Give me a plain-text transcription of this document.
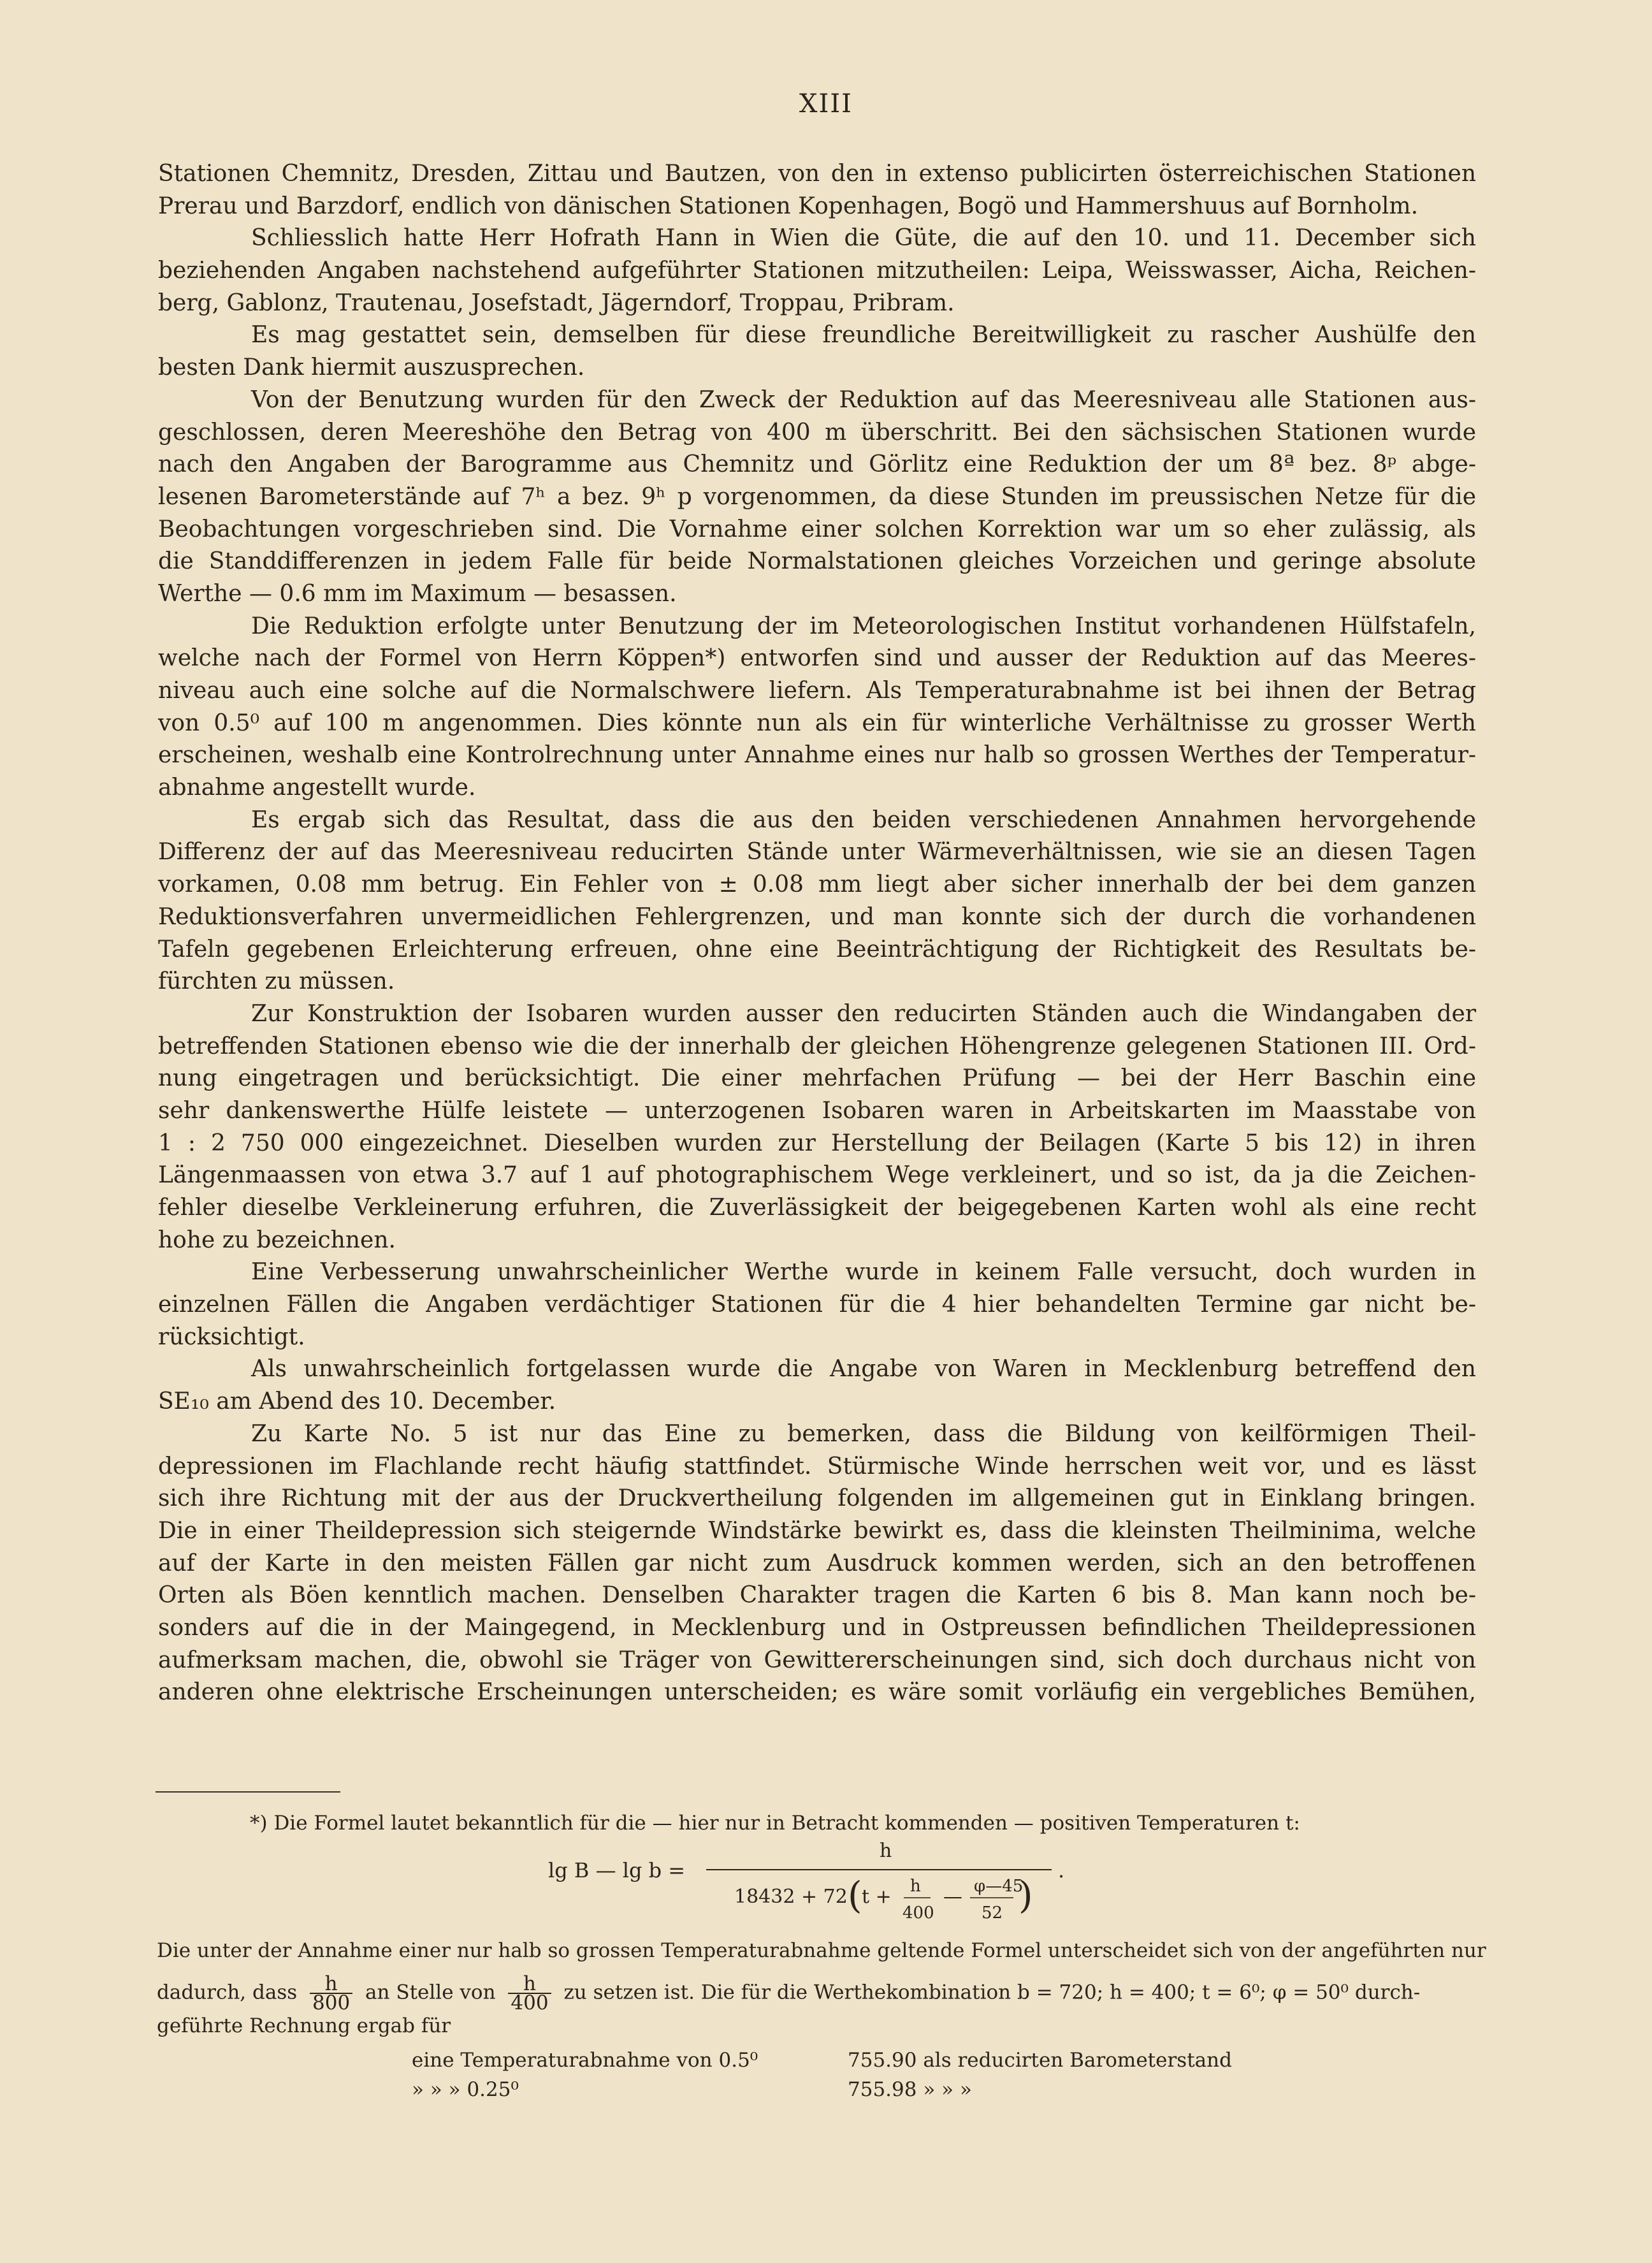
XIII
Stationen Chemnitz, Dresden, Zittau und Bautzen, von den in extenso publicirten österreichischen Stationen
Prerau und Barzdorf, endlich von dänischen Stationen Kopenhagen, Bogö und Hammershuus auf Bornholm.
Schliesslich hatte Herr Hofrath Hann in Wien die Güte, die auf den 10. und 11. December sich
beziehenden Angaben nachstehend aufgeführter Stationen mitzutheilen: Leipa, Weisswasser, Aicha, Reichen-
berg, Gablonz, Trautenau, Josefstadt, Jägerndorf, Troppau, Pribram.
Es mag gestattet sein, demselben für diese freundliche Bereitwilligkeit zu rascher Aushülfe den
besten Dank hiermit auszusprechen.
Von der Benutzung wurden für den Zweck der Reduktion auf das Meeresniveau alle Stationen aus-
geschlossen, deren Meereshöhe den Betrag von 400 m überschritt. Bei den sächsischen Stationen wurde
nach den Angaben der Barogramme aus Chemnitz und Görlitz eine Reduktion der um 8ª bez. 8ᵖ abge-
lesenen Barometerstände auf 7ʰ a bez. 9ʰ p vorgenommen, da diese Stunden im preussischen Netze für die
Beobachtungen vorgeschrieben sind. Die Vornahme einer solchen Korrektion war um so eher zulässig, als
die Standdifferenzen in jedem Falle für beide Normalstationen gleiches Vorzeichen und geringe absolute
Werthe — 0.6 mm im Maximum — besassen.
Die Reduktion erfolgte unter Benutzung der im Meteorologischen Institut vorhandenen Hülfstafeln,
welche nach der Formel von Herrn Köppen*) entworfen sind und ausser der Reduktion auf das Meeres-
niveau auch eine solche auf die Normalschwere liefern. Als Temperaturabnahme ist bei ihnen der Betrag
von 0.5⁰ auf 100 m angenommen. Dies könnte nun als ein für winterliche Verhältnisse zu grosser Werth
erscheinen, weshalb eine Kontrolrechnung unter Annahme eines nur halb so grossen Werthes der Temperatur-
abnahme angestellt wurde.
Es ergab sich das Resultat, dass die aus den beiden verschiedenen Annahmen hervorgehende
Differenz der auf das Meeresniveau reducirten Stände unter Wärmeverhältnissen, wie sie an diesen Tagen
vorkamen, 0.08 mm betrug. Ein Fehler von ± 0.08 mm liegt aber sicher innerhalb der bei dem ganzen
Reduktionsverfahren unvermeidlichen Fehlergrenzen, und man konnte sich der durch die vorhandenen
Tafeln gegebenen Erleichterung erfreuen, ohne eine Beeinträchtigung der Richtigkeit des Resultats be-
fürchten zu müssen.
Zur Konstruktion der Isobaren wurden ausser den reducirten Ständen auch die Windangaben der
betreffenden Stationen ebenso wie die der innerhalb der gleichen Höhengrenze gelegenen Stationen III. Ord-
nung eingetragen und berücksichtigt. Die einer mehrfachen Prüfung — bei der Herr Baschin eine
sehr dankenswerthe Hülfe leistete — unterzogenen Isobaren waren in Arbeitskarten im Maasstabe von
1 : 2 750 000 eingezeichnet. Dieselben wurden zur Herstellung der Beilagen (Karte 5 bis 12) in ihren
Längenmaassen von etwa 3.7 auf 1 auf photographischem Wege verkleinert, und so ist, da ja die Zeichen-
fehler dieselbe Verkleinerung erfuhren, die Zuverlässigkeit der beigegebenen Karten wohl als eine recht
hohe zu bezeichnen.
Eine Verbesserung unwahrscheinlicher Werthe wurde in keinem Falle versucht, doch wurden in
einzelnen Fällen die Angaben verdächtiger Stationen für die 4 hier behandelten Termine gar nicht be-
rücksichtigt.
Als unwahrscheinlich fortgelassen wurde die Angabe von Waren in Mecklenburg betreffend den
SE₁₀ am Abend des 10. December.
Zu Karte No. 5 ist nur das Eine zu bemerken, dass die Bildung von keilförmigen Theil-
depressionen im Flachlande recht häufig stattfindet. Stürmische Winde herrschen weit vor, und es lässt
sich ihre Richtung mit der aus der Druckvertheilung folgenden im allgemeinen gut in Einklang bringen.
Die in einer Theildepression sich steigernde Windstärke bewirkt es, dass die kleinsten Theilminima, welche
auf der Karte in den meisten Fällen gar nicht zum Ausdruck kommen werden, sich an den betroffenen
Orten als Böen kenntlich machen. Denselben Charakter tragen die Karten 6 bis 8. Man kann noch be-
sonders auf die in der Maingegend, in Mecklenburg und in Ostpreussen befindlichen Theildepressionen
aufmerksam machen, die, obwohl sie Träger von Gewittererscheinungen sind, sich doch durchaus nicht von
anderen ohne elektrische Erscheinungen unterscheiden; es wäre somit vorläufig ein vergebliches Bemühen,
*) Die Formel lautet bekanntlich für die — hier nur in Betracht kommenden — positiven Temperaturen t:
lg B — lg b =
h
18432 + 72 ( t + h
400
— φ—45
52 )
.
Die unter der Annahme einer nur halb so grossen Temperaturabnahme geltende Formel unterscheidet sich von der angeführten nur
dadurch, dass $\frac{h}{800}$ an Stelle von $\frac{h}{400}$ zu setzen ist. Die für die Werthekombination b = 720; h = 400; t = 6⁰; φ = 50⁰ durch-
geführte Rechnung ergab für
eine Temperaturabnahme von 0.5⁰	755.90 als reducirten Barometerstand
» » » 0.25⁰	755.98 » » »
